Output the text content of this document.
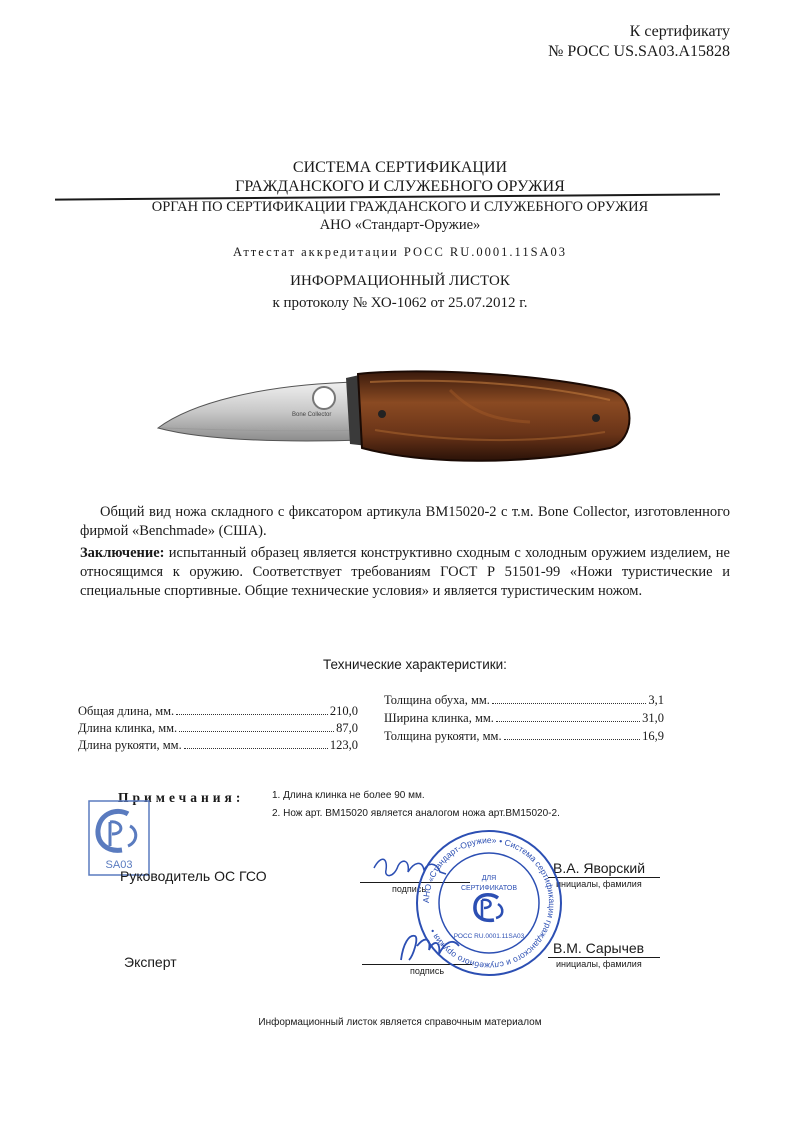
К сертификату
№ РОСС US.SA03.A15828
СИСТЕМА СЕРТИФИКАЦИИ
ГРАЖДАНСКОГО И СЛУЖЕБНОГО ОРУЖИЯ
ОРГАН ПО СЕРТИФИКАЦИИ ГРАЖДАНСКОГО И СЛУЖЕБНОГО ОРУЖИЯ
АНО «Стандарт-Оружие»
Аттестат аккредитации РОСС RU.0001.11SA03
ИНФОРМАЦИОННЫЙ ЛИСТОК
к протоколу № ХО-1062 от 25.07.2012 г.
Bone Collector

Общий вид ножа складного с фиксатором артикула BM15020-2 с т.м. Bone Collector, изготовленного фирмой «Benchmade» (США).

Заключение: испытанный образец является конструктивно сходным с холодным оружием изделием, не относящимся к оружию. Соответствует требованиям ГОСТ Р 51501-99 «Ножи туристические и специальные спортивные. Общие технические условия» и является туристическим ножом.

Технические характеристики:
Общая длина, мм.	210,0
Длина клинка, мм.	87,0
Длина рукояти, мм.	123,0
Толщина обуха, мм.	3,1
Ширина клинка, мм.	31,0
Толщина рукояти, мм.	16,9
Примечания:	1. Длина клинка не более 90 мм.
2. Нож арт. BM15020 является аналогом ножа арт.BM15020-2.
SA03
Руководитель ОС ГСО
подпись
В.А. Яворский
инициалы, фамилия
Эксперт
подпись
В.М. Сарычев
инициалы, фамилия
АНО «Стандарт-Оружие» • Система сертификации гражданского и служебного оружия •
ДЛЯ
СЕРТИФИКАТОВ
РОСС RU.0001.11SA03
Информационный листок является справочным материалом
